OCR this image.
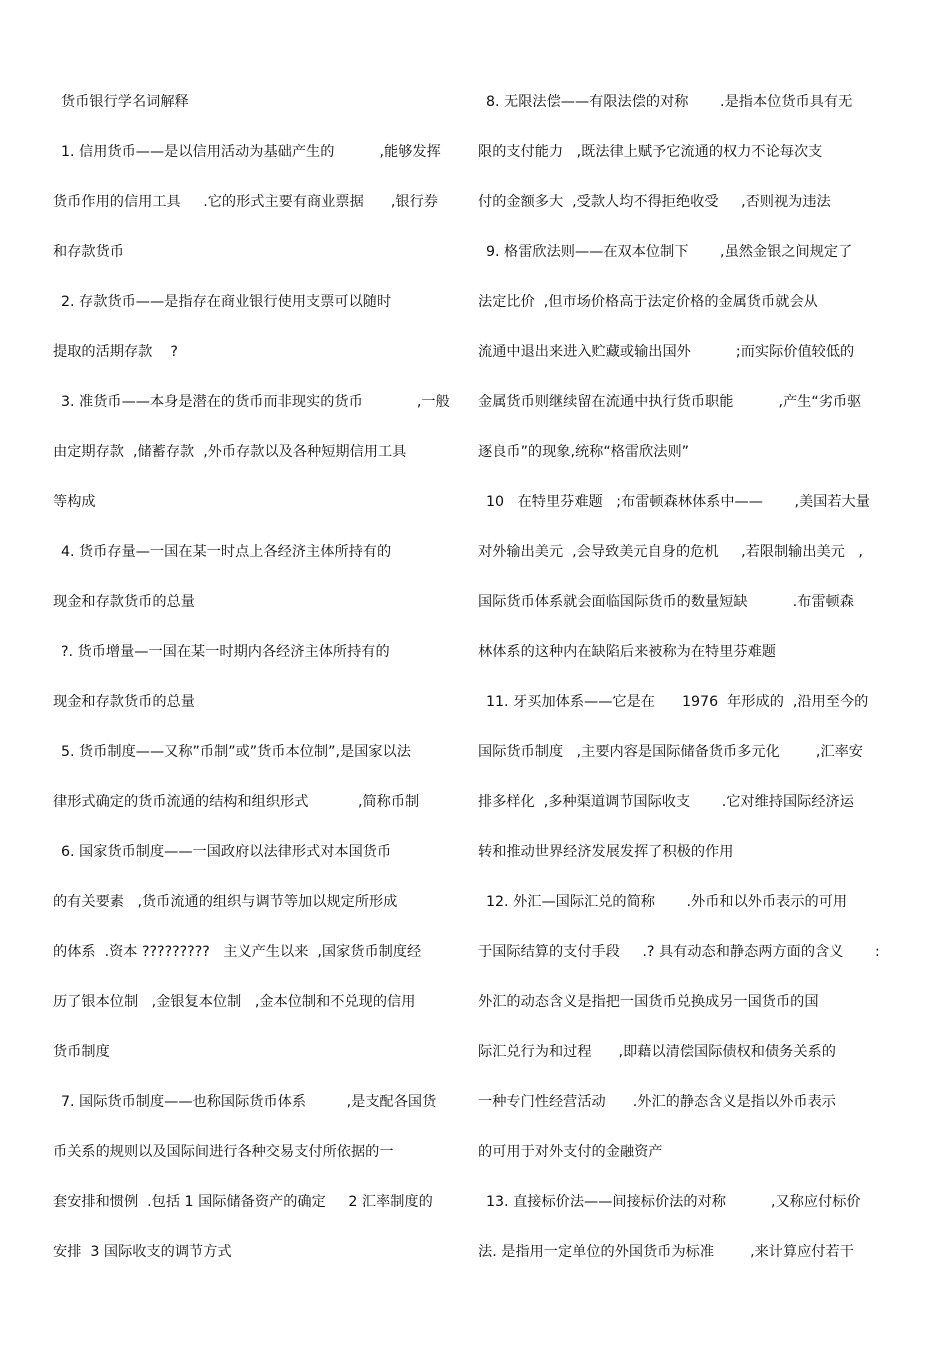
货币银行学名词解释
1. 信用货币——是以信用活动为基础产生的          ,能够发挥
货币作用的信用工具     .它的形式主要有商业票据      ,银行券
和存款货币
2. 存款货币——是指存在商业银行使用支票可以随时
提取的活期存款    ?
3. 准货币——本身是潜在的货币而非现实的货币            ,一般
由定期存款  ,储蓄存款  ,外币存款以及各种短期信用工具
等构成
4. 货币存量—一国在某一时点上各经济主体所持有的
现金和存款货币的总量
?. 货币增量—一国在某一时期内各经济主体所持有的
现金和存款货币的总量
5. 货币制度——又称”币制”或”货币本位制”,是国家以法
律形式确定的货币流通的结构和组织形式           ,简称币制
6. 国家货币制度——一国政府以法律形式对本国货币
的有关要素   ,货币流通的组织与调节等加以规定所形成
的体系  .资本 ?????????   主义产生以来  ,国家货币制度经
历了银本位制   ,金银复本位制   ,金本位制和不兑现的信用
货币制度
7. 国际货币制度——也称国际货币体系         ,是支配各国货
币关系的规则以及国际间进行各种交易支付所依据的一
套安排和惯例  .包括 1 国际储备资产的确定     2 汇率制度的
安排  3 国际收支的调节方式
8. 无限法偿——有限法偿的对称       .是指本位货币具有无
限的支付能力   ,既法律上赋予它流通的权力不论每次支
付的金额多大  ,受款人均不得拒绝收受     ,否则视为违法
9. 格雷欣法则——在双本位制下       ,虽然金银之间规定了
法定比价  ,但市场价格高于法定价格的金属货币就会从
流通中退出来进入贮藏或输出国外          ;而实际价值较低的
金属货币则继续留在流通中执行货币职能          ,产生“劣币驱
逐良币”的现象,统称“格雷欣法则”
10   在特里芬难题   ;布雷顿森林体系中——       ,美国若大量
对外输出美元  ,会导致美元自身的危机     ,若限制输出美元   ,
国际货币体系就会面临国际货币的数量短缺          .布雷顿森
林体系的这种内在缺陷后来被称为在特里芬难题
11. 牙买加体系——它是在      1976  年形成的  ,沿用至今的
国际货币制度   ,主要内容是国际储备货币多元化        ,汇率安
排多样化  ,多种渠道调节国际收支       .它对维持国际经济运
转和推动世界经济发展发挥了积极的作用
12. 外汇—国际汇兑的简称       .外币和以外币表示的可用
于国际结算的支付手段     .? 具有动态和静态两方面的含义       :
外汇的动态含义是指把一国货币兑换成另一国货币的国
际汇兑行为和过程      ,即藉以清偿国际债权和债务关系的
一种专门性经营活动      .外汇的静态含义是指以外币表示
的可用于对外支付的金融资产
13. 直接标价法——间接标价法的对称          ,又称应付标价
法. 是指用一定单位的外国货币为标准        ,来计算应付若干
